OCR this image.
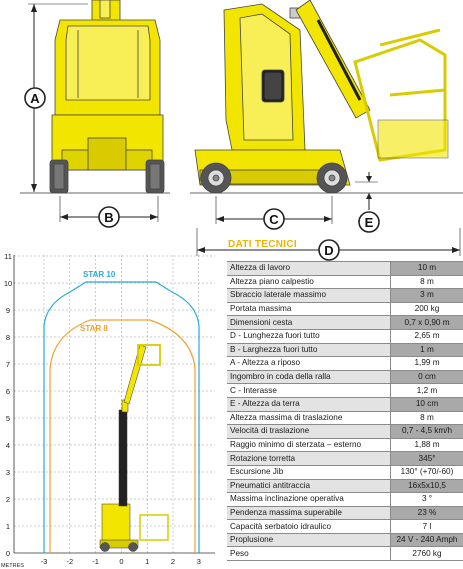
A
B	C	E
D
0
1
2
3
4
5
6
7
8
9
10
11
-3	-2	-1	0	1	2	3
STAR 10
STAR 8
METRES
DATI TECNICI
Altezza di lavoro	10 m
Altezza piano calpestio	8 m
Sbraccio laterale massimo	3 m
Portata massima	200 kg
Dimensioni cesta	0,7 x 0,90 m
D - Lunghezza fuori tutto	2,65 m
B - Larghezza fuori tutto	1 m
A - Altezza a riposo	1,99 m
Ingombro in coda della ralla	0 cm
C - Interasse	1,2 m
E - Altezza da terra	10 cm
Altezza massima di traslazione	8 m
Velocità di traslazione	0,7 - 4,5 km/h
Raggio minimo di sterzata – esterno	1,88 m
Rotazione torretta	345°
Escursione Jib	130° (+70/-60)
Pneumatici antitraccia	16x5x10,5
Massima inclinazione operativa	3 °
Pendenza massima superabile	23 %
Capacità serbatoio idraulico	7 l
Proplusione	24 V - 240 Amph
Peso	2760 kg
